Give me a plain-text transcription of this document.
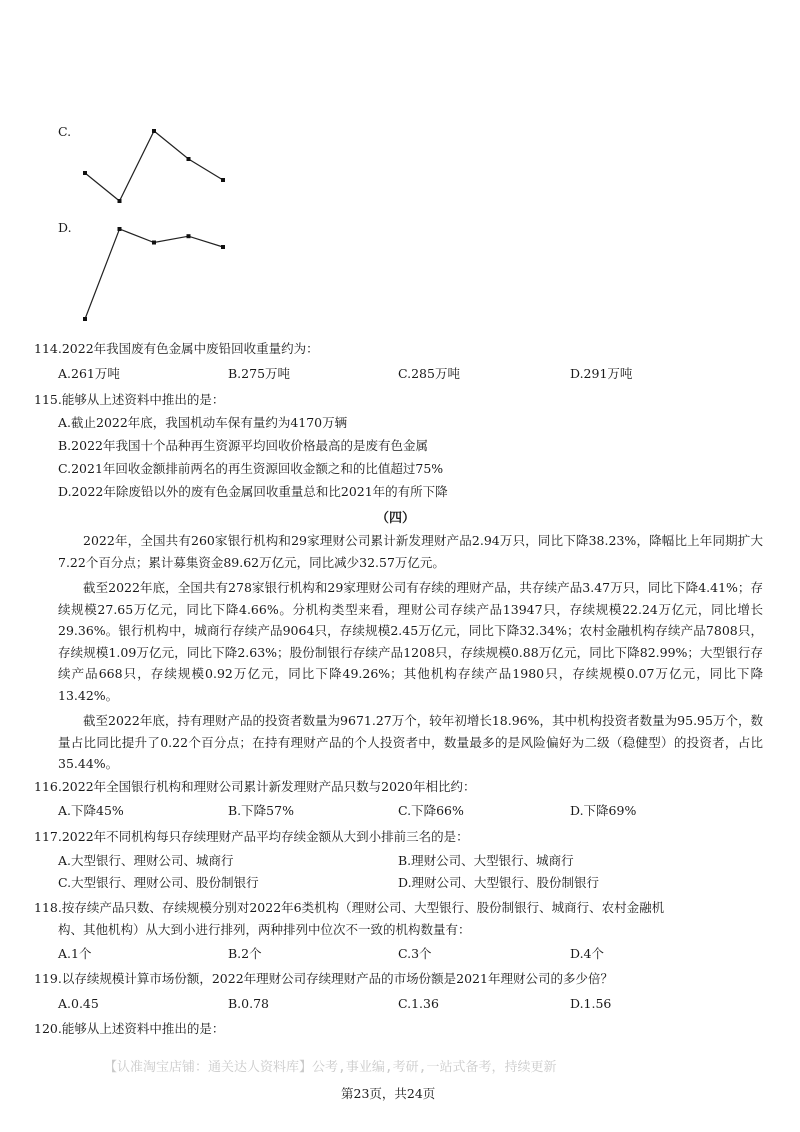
C.
D.
114.2022年我国废有色金属中废铅回收重量约为：
A.261万吨	B.275万吨	C.285万吨	D.291万吨
115.能够从上述资料中推出的是：
A.截止2022年底，我国机动车保有量约为4170万辆
B.2022年我国十个品种再生资源平均回收价格最高的是废有色金属
C.2021年回收金额排前两名的再生资源回收金额之和的比值超过75%
D.2022年除废铅以外的废有色金属回收重量总和比2021年的有所下降
（四）

2022年，全国共有260家银行机构和29家理财公司累计新发理财产品2.94万只，同比下降38.23%，降幅比上年同期扩大7.22个百分点；累计募集资金89.62万亿元，同比减少32.57万亿元。

截至2022年底，全国共有278家银行机构和29家理财公司有存续的理财产品，共存续产品3.47万只，同比下降4.41%；存续规模27.65万亿元，同比下降4.66%。分机构类型来看，理财公司存续产品13947只，存续规模22.24万亿元，同比增长29.36%。银行机构中，城商行存续产品9064只，存续规模2.45万亿元，同比下降32.34%；农村金融机构存续产品7808只，存续规模1.09万亿元，同比下降2.63%；股份制银行存续产品1208只，存续规模0.88万亿元，同比下降82.99%；大型银行存续产品668只，存续规模0.92万亿元，同比下降49.26%；其他机构存续产品1980只，存续规模0.07万亿元，同比下降13.42%。

截至2022年底，持有理财产品的投资者数量为9671.27万个，较年初增长18.96%，其中机构投资者数量为95.95万个，数量占比同比提升了0.22个百分点；在持有理财产品的个人投资者中，数量最多的是风险偏好为二级（稳健型）的投资者，占比35.44%。

116.2022年全国银行机构和理财公司累计新发理财产品只数与2020年相比约：
A.下降45%	B.下降57%	C.下降66%	D.下降69%
117.2022年不同机构每只存续理财产品平均存续金额从大到小排前三名的是：
A.大型银行、理财公司、城商行	B.理财公司、大型银行、城商行
C.大型银行、理财公司、股份制银行	D.理财公司、大型银行、股份制银行
118.按存续产品只数、存续规模分别对2022年6类机构（理财公司、大型银行、股份制银行、城商行、农村金融机
构、其他机构）从大到小进行排列，两种排列中位次不一致的机构数量有：
A.1个	B.2个	C.3个	D.4个
119.以存续规模计算市场份额，2022年理财公司存续理财产品的市场份额是2021年理财公司的多少倍？
A.0.45	B.0.78	C.1.36	D.1.56
120.能够从上述资料中推出的是：
【认准淘宝店铺：通关达人资料库】公考,事业编,考研,一站式备考，持续更新
第23页，共24页
